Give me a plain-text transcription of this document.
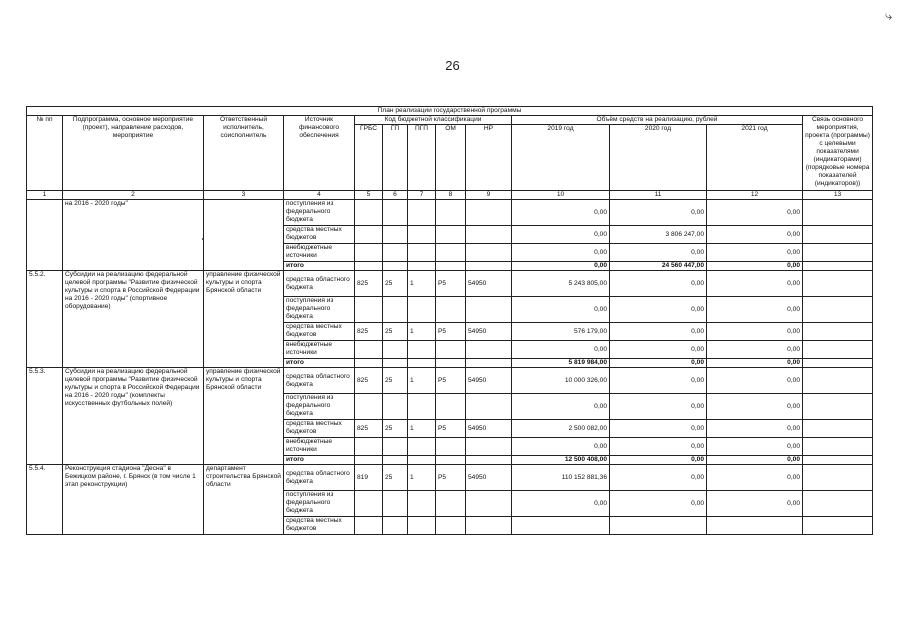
26
⤷
План реализации государственной программы												
№ пп	Подпрограмма, основное мероприятие (проект), направление расходов, мероприятие	Ответственный исполнитель, соисполнитель	Источник финансового обеспечения	Код бюджетной классификации					Объём средств на реализацию, рублей			Связь основного мероприятия, проекта (программы) с целевыми показателями (индикаторами) (порядковые номера показателей (индикаторов))
				ГРБС	ГП	ПГП	ОМ	НР	2019 год	2020 год	2021 год	
1	2	3	4	5	6	7	8	9	10	11	12	13
	на 2016 - 2020 годы"		поступления из федерального бюджета						0,00	0,00	0,00	
			средства местных бюджетов						0,00	3 806 247,00	0,00	
			внебюджетные источники						0,00	0,00	0,00	
			итого						0,00	24 560 447,00	0,00	
5.5.2.	Субсидии на реализацию федеральной целевой программы "Развитие физической культуры и спорта в Российской Федерации на 2016 - 2020 годы" (спортивное оборудование)	управление физической культуры и спорта Брянской области	средства областного бюджета	825	25	1	P5	54950	5 243 805,00	0,00	0,00	
			поступления из федерального бюджета						0,00	0,00	0,00	
			средства местных бюджетов	825	25	1	P5	54950	576 179,00	0,00	0,00	
			внебюджетные источники						0,00	0,00	0,00	
			итого						5 819 984,00	0,00	0,00	
5.5.3.	Субсидии на реализацию федеральной целевой программы "Развитие физической культуры и спорта в Российской Федерации на 2016 - 2020 годы" (комплекты искусственных футбольных полей)	управление физической культуры и спорта Брянской области	средства областного бюджета	825	25	1	P5	54950	10 000 326,00	0,00	0,00	
			поступления из федерального бюджета						0,00	0,00	0,00	
			средства местных бюджетов	825	25	1	P5	54950	2 500 082,00	0,00	0,00	
			внебюджетные источники						0,00	0,00	0,00	
			итого						12 500 408,00	0,00	0,00	
5.5.4.	Реконструкция стадиона "Десна" в Бежицком районе, г. Брянск (в том числе 1 этап реконструкции)	департамент строительства Брянской области	средства областного бюджета	819	25	1	P5	54950	110 152 881,36	0,00	0,00	
			поступления из федерального бюджета						0,00	0,00	0,00	
			средства местных бюджетов									
